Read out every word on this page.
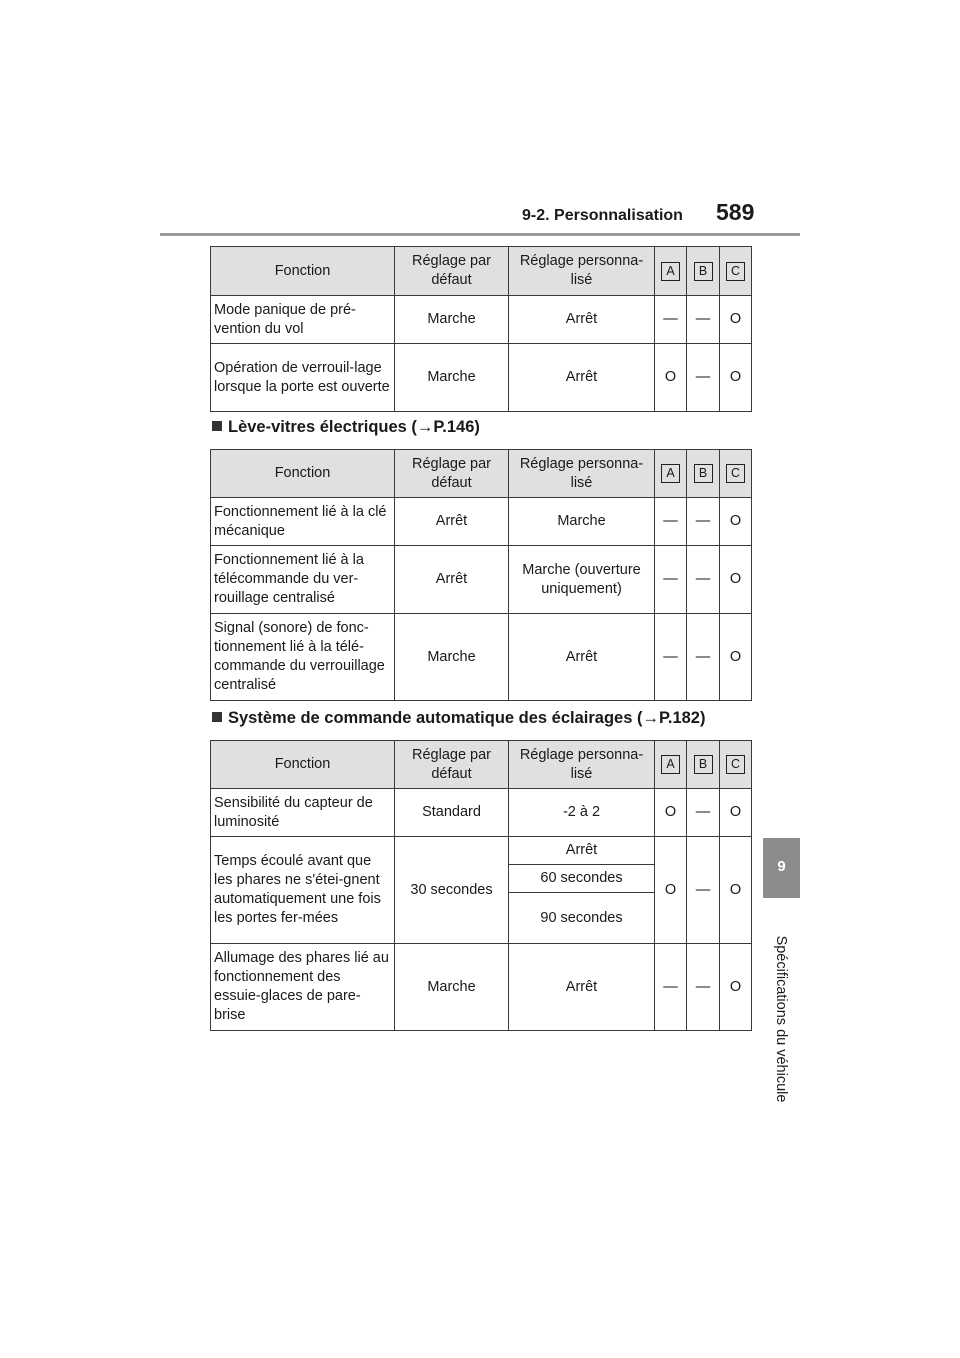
9-2. Personnalisation 589
9
Spécifications du véhicule
Fonction	Réglage par défaut	Réglage personna-lisé	A	B	C
Mode panique de pré-vention du vol	Marche	Arrêt	—	—	O
Opération de verrouil-lage lorsque la porte est ouverte	Marche	Arrêt	O	—	O
Lève-vitres électriques (→P.146)
Fonction	Réglage par défaut	Réglage personna-lisé	A	B	C
Fonctionnement lié à la clé mécanique	Arrêt	Marche	—	—	O
Fonctionnement lié à la télécommande du ver-rouillage centralisé	Arrêt	Marche (ouverture uniquement)	—	—	O
Signal (sonore) de fonc-tionnement lié à la télé-commande du verrouillage centralisé	Marche	Arrêt	—	—	O
Système de commande automatique des éclairages (→P.182)
Fonction	Réglage par défaut	Réglage personna-lisé	A	B	C
Sensibilité du capteur de luminosité	Standard	-2 à 2	O	—	O
Temps écoulé avant que les phares ne s'étei-gnent automatiquement une fois les portes fer-mées	30 secondes	Arrêt	O	—	O
		60 secondes			
		90 secondes			
Allumage des phares lié au fonctionnement des essuie-glaces de pare-brise	Marche	Arrêt	—	—	O
